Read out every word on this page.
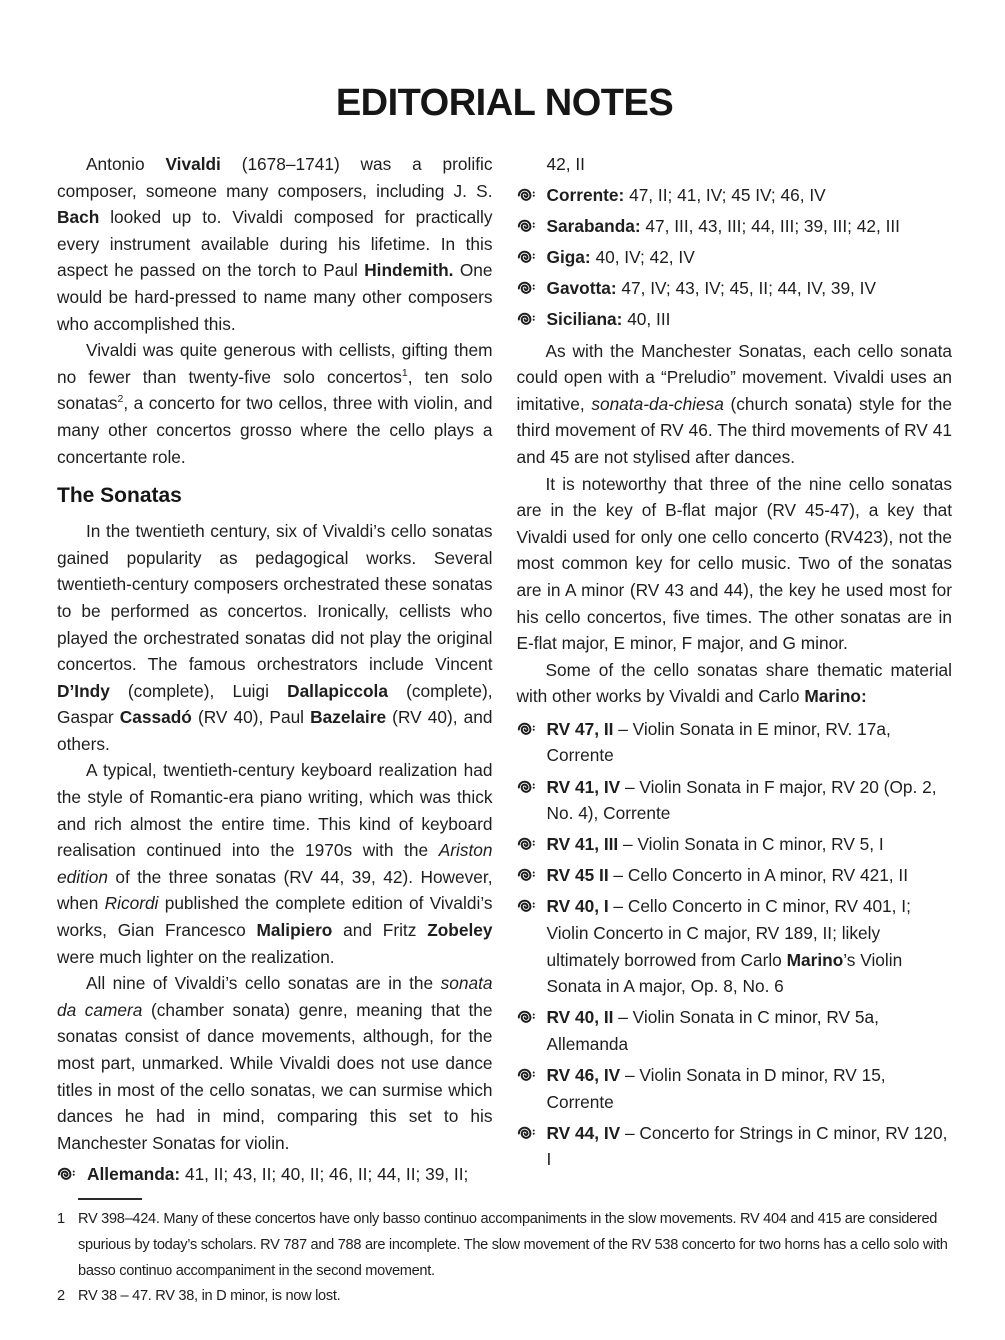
EDITORIAL NOTES

Antonio Vivaldi (1678–1741) was a prolific composer, someone many composers, including J. S. Bach looked up to. Vivaldi composed for practically every instrument available during his lifetime. In this aspect he passed on the torch to Paul Hindemith. One would be hard-pressed to name many other composers who accomplished this.

Vivaldi was quite generous with cellists, gifting them no fewer than twenty-five solo concertos$^1$, ten solo sonatas$^2$, a concerto for two cellos, three with violin, and many other concertos grosso where the cello plays a concertante role.

The Sonatas

In the twentieth century, six of Vivaldi’s cello sonatas gained popularity as pedagogical works. Several twentieth-century composers orchestrated these sonatas to be performed as concertos. Ironically, cellists who played the orchestrated sonatas did not play the original concertos. The famous orchestrators include Vincent D’Indy (complete), Luigi Dallapiccola (complete), Gaspar Cassadó (RV 40), Paul Bazelaire (RV 40), and others.

A typical, twentieth-century keyboard realization had the style of Romantic-era piano writing, which was thick and rich almost the entire time. This kind of keyboard realisation continued into the 1970s with the Ariston edition of the three sonatas (RV 44, 39, 42). However, when Ricordi published the complete edition of Vivaldi’s works, Gian Francesco Malipiero and Fritz Zobeley were much lighter on the realization.

All nine of Vivaldi’s cello sonatas are in the sonata da camera (chamber sonata) genre, meaning that the sonatas consist of dance movements, although, for the most part, unmarked. While Vivaldi does not use dance titles in most of the cello sonatas, we can surmise which dances he had in mind, comparing this set to his Manchester Sonatas for violin.

Allemanda: 41, II; 43, II; 40, II; 46, II; 44, II; 39, II;
42, II
Corrente: 47, II; 41, IV; 45 IV; 46, IV
Sarabanda: 47, III, 43, III; 44, III; 39, III; 42, III
Giga: 40, IV; 42, IV
Gavotta: 47, IV; 43, IV; 45, II; 44, IV, 39, IV
Siciliana: 40, III

As with the Manchester Sonatas, each cello sonata could open with a “Preludio” movement. Vivaldi uses an imitative, sonata-da-chiesa (church sonata) style for the third movement of RV 46. The third movements of RV 41 and 45 are not stylised after dances.

It is noteworthy that three of the nine cello sonatas are in the key of B-flat major (RV 45-47), a key that Vivaldi used for only one cello concerto (RV423), not the most common key for cello music. Two of the sonatas are in A minor (RV 43 and 44), the key he used most for his cello concertos, five times. The other sonatas are in E-flat major, E minor, F major, and G minor.

Some of the cello sonatas share thematic material with other works by Vivaldi and Carlo Marino:

RV 47, II – Violin Sonata in E minor, RV. 17a, Corrente
RV 41, IV – Violin Sonata in F major, RV 20 (Op. 2, No. 4), Corrente
RV 41, III – Violin Sonata in C minor, RV 5, I
RV 45 II – Cello Concerto in A minor, RV 421, II
RV 40, I – Cello Concerto in C minor, RV 401, I; Violin Concerto in C major, RV 189, II; likely ultimately borrowed from Carlo Marino’s Violin Sonata in A major, Op. 8, No. 6
RV 40, II – Violin Sonata in C minor, RV 5a, Allemanda
RV 46, IV – Violin Sonata in D minor, RV 15, Corrente
RV 44, IV – Concerto for Strings in C minor, RV 120, I
1 RV 398–424. Many of these concertos have only basso continuo accompaniments in the slow movements. RV 404 and 415 are considered spurious by today’s scholars. RV 787 and 788 are incomplete. The slow movement of the RV 538 concerto for two horns has a cello solo with basso continuo accompaniment in the second movement.
2 RV 38 – 47. RV 38, in D minor, is now lost.
